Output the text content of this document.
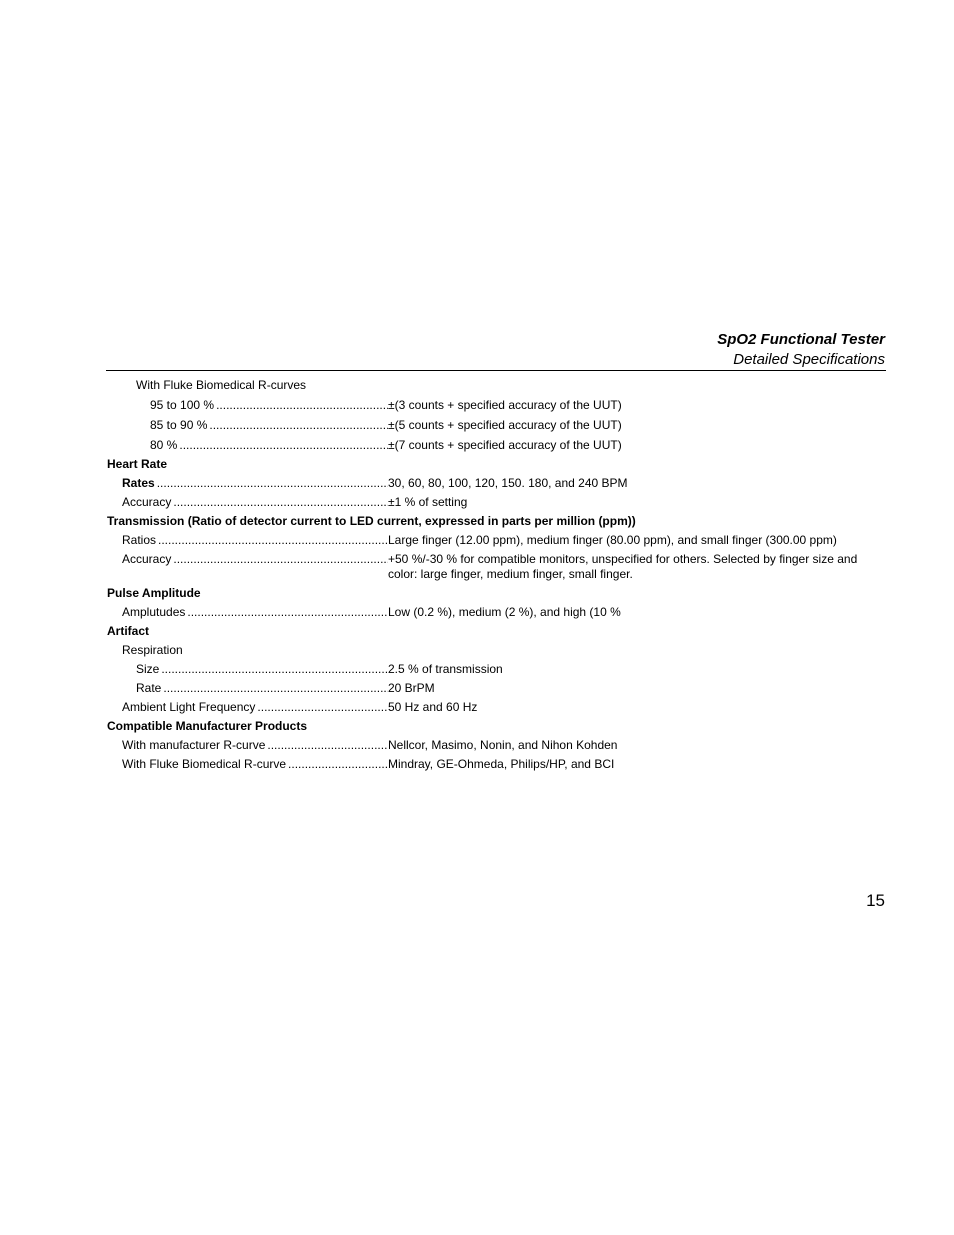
SpO2 Functional Tester
Detailed Specifications
With Fluke Biomedical R-curves
95 to 100 % .....	±(3 counts + specified accuracy of the UUT)
85 to 90 % .....	±(5 counts + specified accuracy of the UUT)
80 % .....	±(7 counts + specified accuracy of the UUT)
Heart Rate
Rates .....	30, 60, 80, 100, 120, 150. 180, and 240 BPM
Accuracy .....	±1 % of setting
Transmission (Ratio of detector current to LED current, expressed in parts per million (ppm))
Ratios .....	Large finger (12.00 ppm), medium finger (80.00 ppm), and small finger (300.00 ppm)
Accuracy .....	+50 %/-30 % for compatible monitors, unspecified for others. Selected by finger size and color: large finger, medium finger, small finger.
Pulse Amplitude
Amplutudes .....	Low (0.2 %), medium (2 %), and high (10 %
Artifact
Respiration
Size .....	2.5 % of transmission
Rate .....	20 BrPM
Ambient Light Frequency .....	50 Hz and 60 Hz
Compatible Manufacturer Products
With manufacturer R-curve .....	Nellcor, Masimo, Nonin, and Nihon Kohden
With Fluke Biomedical R-curve .....	Mindray, GE-Ohmeda, Philips/HP, and BCI
15
